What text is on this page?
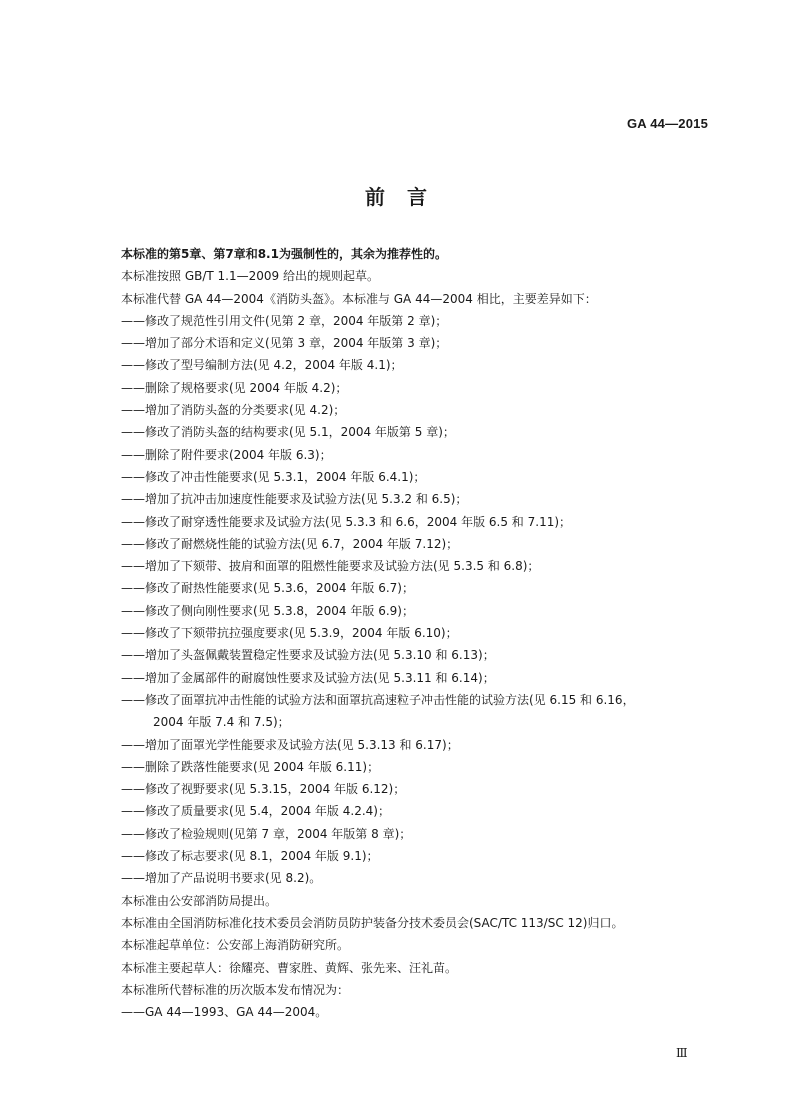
GA 44—2015
前言
本标准的第5章、第7章和8.1为强制性的，其余为推荐性的。
本标准按照 GB/T 1.1—2009 给出的规则起草。
本标准代替 GA 44—2004《消防头盔》。本标准与 GA 44—2004 相比，主要差异如下：
——修改了规范性引用文件(见第 2 章，2004 年版第 2 章)；
——增加了部分术语和定义(见第 3 章，2004 年版第 3 章)；
——修改了型号编制方法(见 4.2，2004 年版 4.1)；
——删除了规格要求(见 2004 年版 4.2)；
——增加了消防头盔的分类要求(见 4.2)；
——修改了消防头盔的结构要求(见 5.1，2004 年版第 5 章)；
——删除了附件要求(2004 年版 6.3)；
——修改了冲击性能要求(见 5.3.1，2004 年版 6.4.1)；
——增加了抗冲击加速度性能要求及试验方法(见 5.3.2 和 6.5)；
——修改了耐穿透性能要求及试验方法(见 5.3.3 和 6.6，2004 年版 6.5 和 7.11)；
——修改了耐燃烧性能的试验方法(见 6.7，2004 年版 7.12)；
——增加了下颏带、披肩和面罩的阻燃性能要求及试验方法(见 5.3.5 和 6.8)；
——修改了耐热性能要求(见 5.3.6，2004 年版 6.7)；
——修改了侧向刚性要求(见 5.3.8，2004 年版 6.9)；
——修改了下颏带抗拉强度要求(见 5.3.9，2004 年版 6.10)；
——增加了头盔佩戴装置稳定性要求及试验方法(见 5.3.10 和 6.13)；
——增加了金属部件的耐腐蚀性要求及试验方法(见 5.3.11 和 6.14)；
——修改了面罩抗冲击性能的试验方法和面罩抗高速粒子冲击性能的试验方法(见 6.15 和 6.16，
2004 年版 7.4 和 7.5)；
——增加了面罩光学性能要求及试验方法(见 5.3.13 和 6.17)；
——删除了跌落性能要求(见 2004 年版 6.11)；
——修改了视野要求(见 5.3.15，2004 年版 6.12)；
——修改了质量要求(见 5.4，2004 年版 4.2.4)；
——修改了检验规则(见第 7 章，2004 年版第 8 章)；
——修改了标志要求(见 8.1，2004 年版 9.1)；
——增加了产品说明书要求(见 8.2)。
本标准由公安部消防局提出。
本标准由全国消防标准化技术委员会消防员防护装备分技术委员会(SAC/TC 113/SC 12)归口。
本标准起草单位：公安部上海消防研究所。
本标准主要起草人：徐耀亮、曹家胜、黄辉、张先来、汪礼苗。
本标准所代替标准的历次版本发布情况为：
——GA 44—1993、GA 44—2004。
Ⅲ
